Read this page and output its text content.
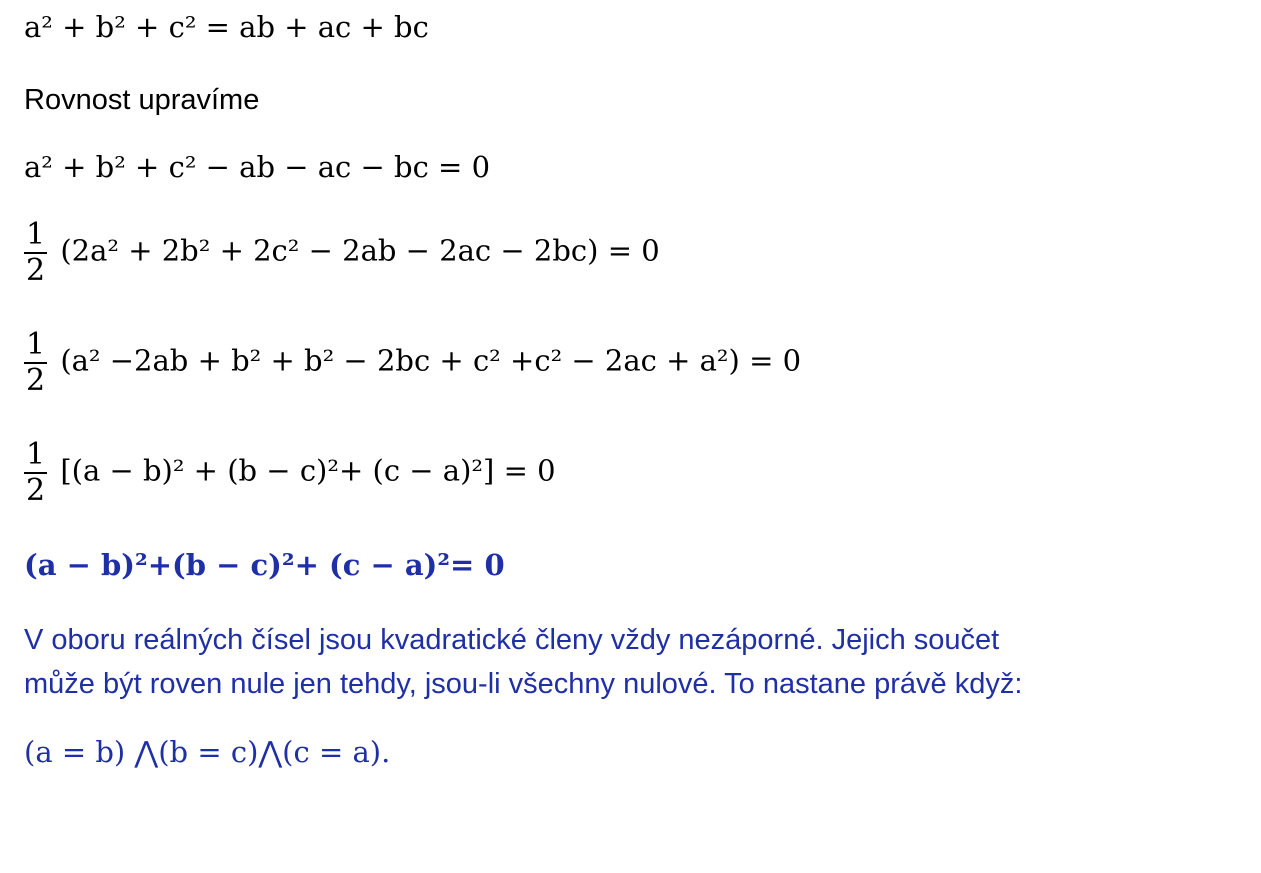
a² + b² + c² = ab + ac + bc
Rovnost upravíme
a² + b² + c² − ab − ac − bc = 0
$\frac{1}{2} (2a^2 + 2b^2 + 2c^2 - 2ab - 2ac - 2bc) = 0$
$\frac{1}{2} (a^2 -2ab + b^2 + b^2 - 2bc + c^2 +c^2 - 2ac + a^2) = 0$
$\frac{1}{2} [(a - b)^2 + (b - c)^2+ (c - a)^2] = 0$
(a − b)²+(b − c)²+ (c − a)²= 0
V oboru reálných čísel jsou kvadratické členy vždy nezáporné. Jejich součet
může být roven nule jen tehdy, jsou-li všechny nulové. To nastane právě když:
(a = b) ⋀(b = c)⋀(c = a).
